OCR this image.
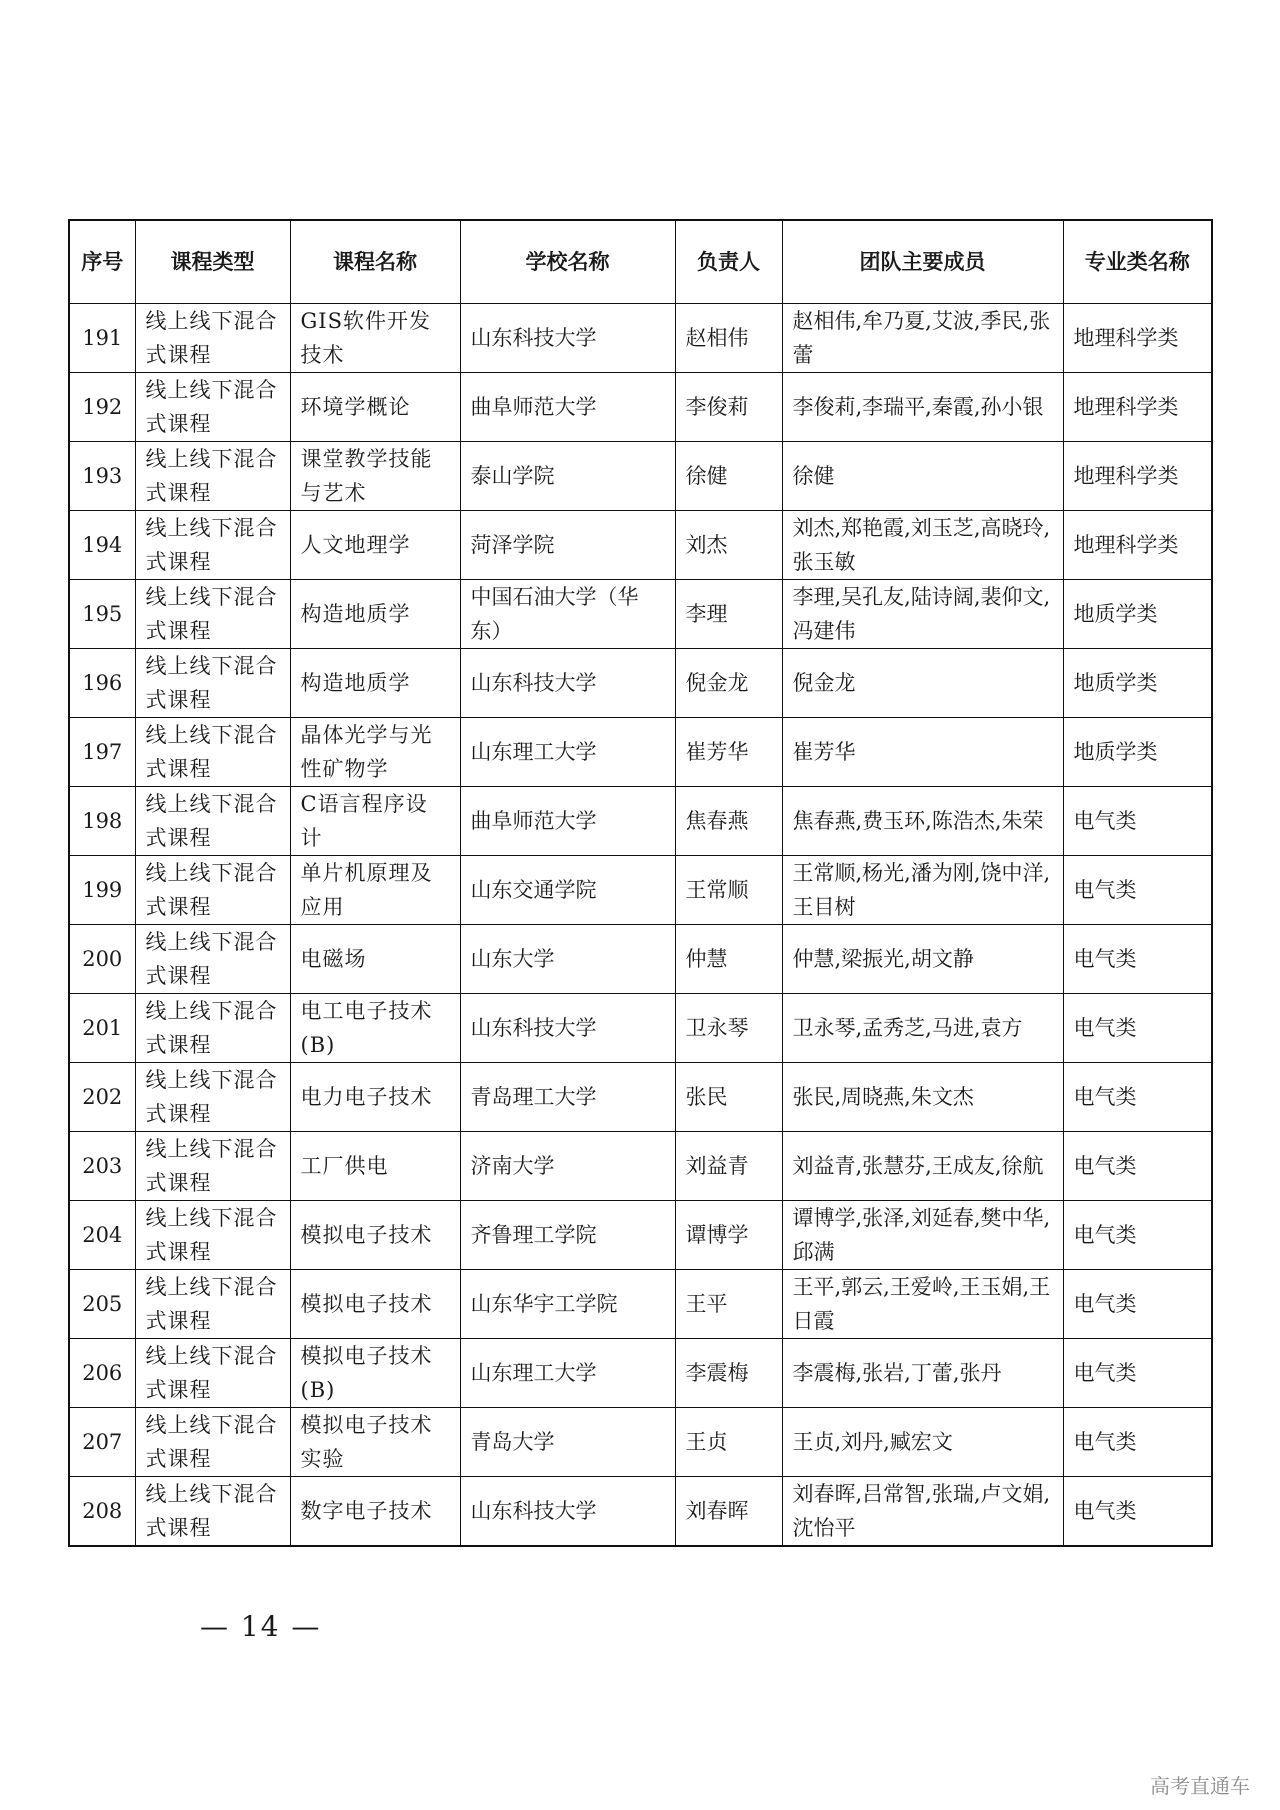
序号	课程类型	课程名称	学校名称	负责人	团队主要成员	专业类名称
191	线上线下混合式课程	GIS软件开发技术	山东科技大学	赵相伟	赵相伟,牟乃夏,艾波,季民,张蕾	地理科学类
192	线上线下混合式课程	环境学概论	曲阜师范大学	李俊莉	李俊莉,李瑞平,秦霞,孙小银	地理科学类
193	线上线下混合式课程	课堂教学技能与艺术	泰山学院	徐健	徐健	地理科学类
194	线上线下混合式课程	人文地理学	菏泽学院	刘杰	刘杰,郑艳霞,刘玉芝,高晓玲,张玉敏	地理科学类
195	线上线下混合式课程	构造地质学	中国石油大学（华东）	李理	李理,吴孔友,陆诗阔,裴仰文,冯建伟	地质学类
196	线上线下混合式课程	构造地质学	山东科技大学	倪金龙	倪金龙	地质学类
197	线上线下混合式课程	晶体光学与光性矿物学	山东理工大学	崔芳华	崔芳华	地质学类
198	线上线下混合式课程	C语言程序设计	曲阜师范大学	焦春燕	焦春燕,费玉环,陈浩杰,朱荣	电气类
199	线上线下混合式课程	单片机原理及应用	山东交通学院	王常顺	王常顺,杨光,潘为刚,饶中洋,王目树	电气类
200	线上线下混合式课程	电磁场	山东大学	仲慧	仲慧,梁振光,胡文静	电气类
201	线上线下混合式课程	电工电子技术(B)	山东科技大学	卫永琴	卫永琴,孟秀芝,马进,袁方	电气类
202	线上线下混合式课程	电力电子技术	青岛理工大学	张民	张民,周晓燕,朱文杰	电气类
203	线上线下混合式课程	工厂供电	济南大学	刘益青	刘益青,张慧芬,王成友,徐航	电气类
204	线上线下混合式课程	模拟电子技术	齐鲁理工学院	谭博学	谭博学,张泽,刘延春,樊中华,邱满	电气类
205	线上线下混合式课程	模拟电子技术	山东华宇工学院	王平	王平,郭云,王爱岭,王玉娟,王日霞	电气类
206	线上线下混合式课程	模拟电子技术(B)	山东理工大学	李震梅	李震梅,张岩,丁蕾,张丹	电气类
207	线上线下混合式课程	模拟电子技术实验	青岛大学	王贞	王贞,刘丹,臧宏文	电气类
208	线上线下混合式课程	数字电子技术	山东科技大学	刘春晖	刘春晖,吕常智,张瑞,卢文娟,沈怡平	电气类
— 14 —
高考直通车
